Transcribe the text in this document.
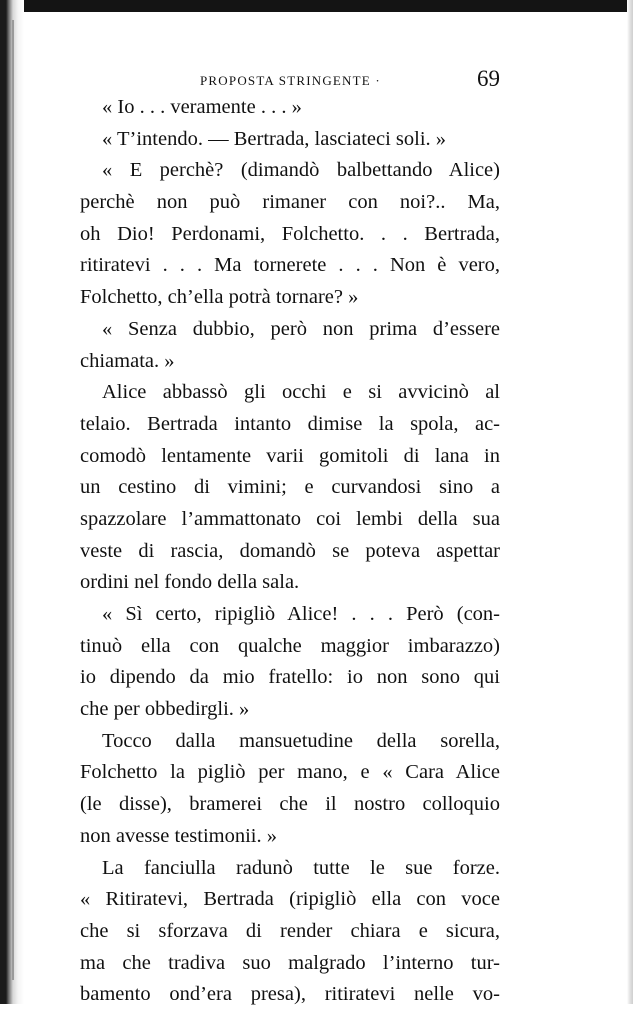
PROPOSTA STRINGENTE ·	69
« Io . . . veramente . . . »
« T’intendo. — Bertrada, lasciateci soli. »
« E perchè? (dimandò balbettando Alice)
perchè non può rimaner con noi?.. Ma,
oh Dio! Perdonami, Folchetto. . . Bertrada,
ritiratevi . . . Ma tornerete . . . Non è vero,
Folchetto, ch’ella potrà tornare? »
« Senza dubbio, però non prima d’essere
chiamata. »
Alice abbassò gli occhi e si avvicinò al
telaio. Bertrada intanto dimise la spola, ac-
comodò lentamente varii gomitoli di lana in
un cestino di vimini; e curvandosi sino a
spazzolare l’ammattonato coi lembi della sua
veste di rascia, domandò se poteva aspettar
ordini nel fondo della sala.
« Sì certo, ripigliò Alice! . . . Però (con-
tinuò ella con qualche maggior imbarazzo)
io dipendo da mio fratello: io non sono qui
che per obbedirgli. »
Tocco dalla mansuetudine della sorella,
Folchetto la pigliò per mano, e « Cara Alice
(le disse), bramerei che il nostro colloquio
non avesse testimonii. »
La fanciulla radunò tutte le sue forze.
« Ritiratevi, Bertrada (ripigliò ella con voce
che si sforzava di render chiara e sicura,
ma che tradiva suo malgrado l’interno tur-
bamento ond’era presa), ritiratevi nelle vo-
